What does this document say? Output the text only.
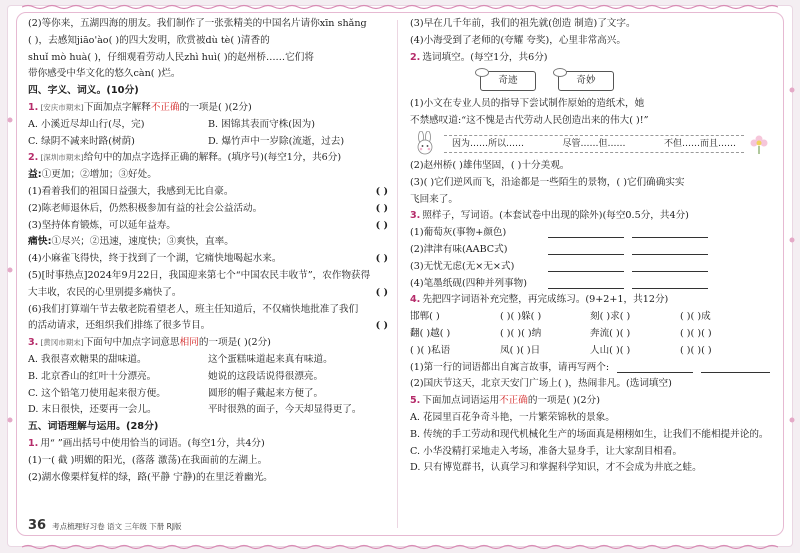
(2)等你来，五湖四海的朋友。我们制作了一张张精美的中国名片请你xīn shǎng
( )，去感知jiāo'ào( )的四大发明，欣赏被dù tè( )清香的
shuǐ mò huà( )，仔细观看劳动人民zhì huì( )的赵州桥……它们将
带你感受中华文化的悠久càn( )烂。
四、字义、词义。(10分)
1. [安庆市期末]下面加点字解释不正确的一项是( )(2分)
A. 小溪近尽却山行(尽，完)	B. 困锦其表而守株(因为)
C. 绿阴不减来时路(树荫)	D. 爆竹声中一岁除(流逝，过去)
2. [深圳市期末]给句中的加点字选择正确的解释。(填序号)(每空1分，共6分)
益:①更加；②增加；③好处。
(1)看着我们的祖国日益强大，我感到无比自豪。	( )
(2)陈老师退休后，仍然积极参加有益的社会公益活动。	( )
(3)坚持体育锻炼，可以延年益寿。	( )
痛快:①尽兴；②迅速，速度快；③爽快，直率。
(4)小麻雀飞得快，终于找到了一个湖，它痛快地喝起水来。	( )
(5)[时事热点]2024年9月22日，我国迎来第七个“中国农民丰收节”，农作物获得
大丰收，农民的心里别提多痛快了。	( )
(6)我们打算端午节去敬老院看望老人，班主任知道后，不仅痛快地批准了我们
的活动请求，还组织我们排练了很多节目。	( )
3. [黄冈市期末]下面句中加点字词意思相同的一项是( )(2分)
A. 我很喜欢糖果的甜味道。	这个蛋糕味道起来真有味道。
B. 北京香山的红叶十分漂亮。	她说的这段话说得很漂亮。
C. 这个铅笔刀使用起来很方便。	圆形的帽子戴起来方便了。
D. 末日很快，还要再一会儿。	平时很熟的面子，今天却显得更了。
五、词语理解与运用。(28分)
1. 用“ ”画出括号中使用恰当的词语。(每空1分，共4分)
(1)一( 截 )明媚的阳光，(落落 激荡)在我面前的左湖上。
(2)湖水像栗样复样的绿，路(平静 宁静)的在里泛着幽光。
(3)早在几千年前，我们的祖先就(创造 制造)了文字。
(4)小海受到了老师的(夸耀 夸奖)，心里非常高兴。
2. 选词填空。(每空1分，共6分)
奇迹	奇妙
(1)小文在专业人员的指导下尝试制作原始的造纸术，她
不禁感叹道:“这不愧是古代劳动人民创造出来的伟大( )!”
因为……所以……	尽管……但……	不但……而且……
(2)赵州桥( )雄伟坚固，( )十分美观。
(3)( )它们逆风而飞，沿途都是一些陌生的景物，( )它们确确实实
飞回来了。
3. 照样子，写词语。(本套试卷中出现的除外)(每空0.5分，共4分)
(1)葡萄灰(事物+颜色)
(2)津津有味(AABC式)
(3)无忧无虑(无×无×式)
(4)笔墨纸砚(四种并列事物)
4. 先把四字词语补充完整，再完成练习。(9+2+1，共12分)
邯郸( )	( )( )躲( )	刻( )求( )	( )( )成
翻( )越( )	( )( )( )纳	奔流( )( )	( )( )( )
( )( )私语	凤( )( )日	人山( )( )	( )( )( )
(1)第一行的词语都出自寓言故事，请再写两个:
(2)国庆节这天，北京天安门广场上( )，热闹非凡。(选词填空)
5. 下面加点词语运用不正确的一项是( )(2分)
A. 花园里百花争奇斗艳，一片繁荣锦秋的景象。
B. 传统的手工劳动和现代机械化生产的场面真是栩栩如生，让我们不能相提并论的。
C. 小华没精打采地走入考场，准备大显身手，让大家刮目相看。
D. 只有博览群书，认真学习和掌握科学知识，才不会成为井底之蛙。
36 考点梳理好习卷 语文 三年级 下册 RJ版
